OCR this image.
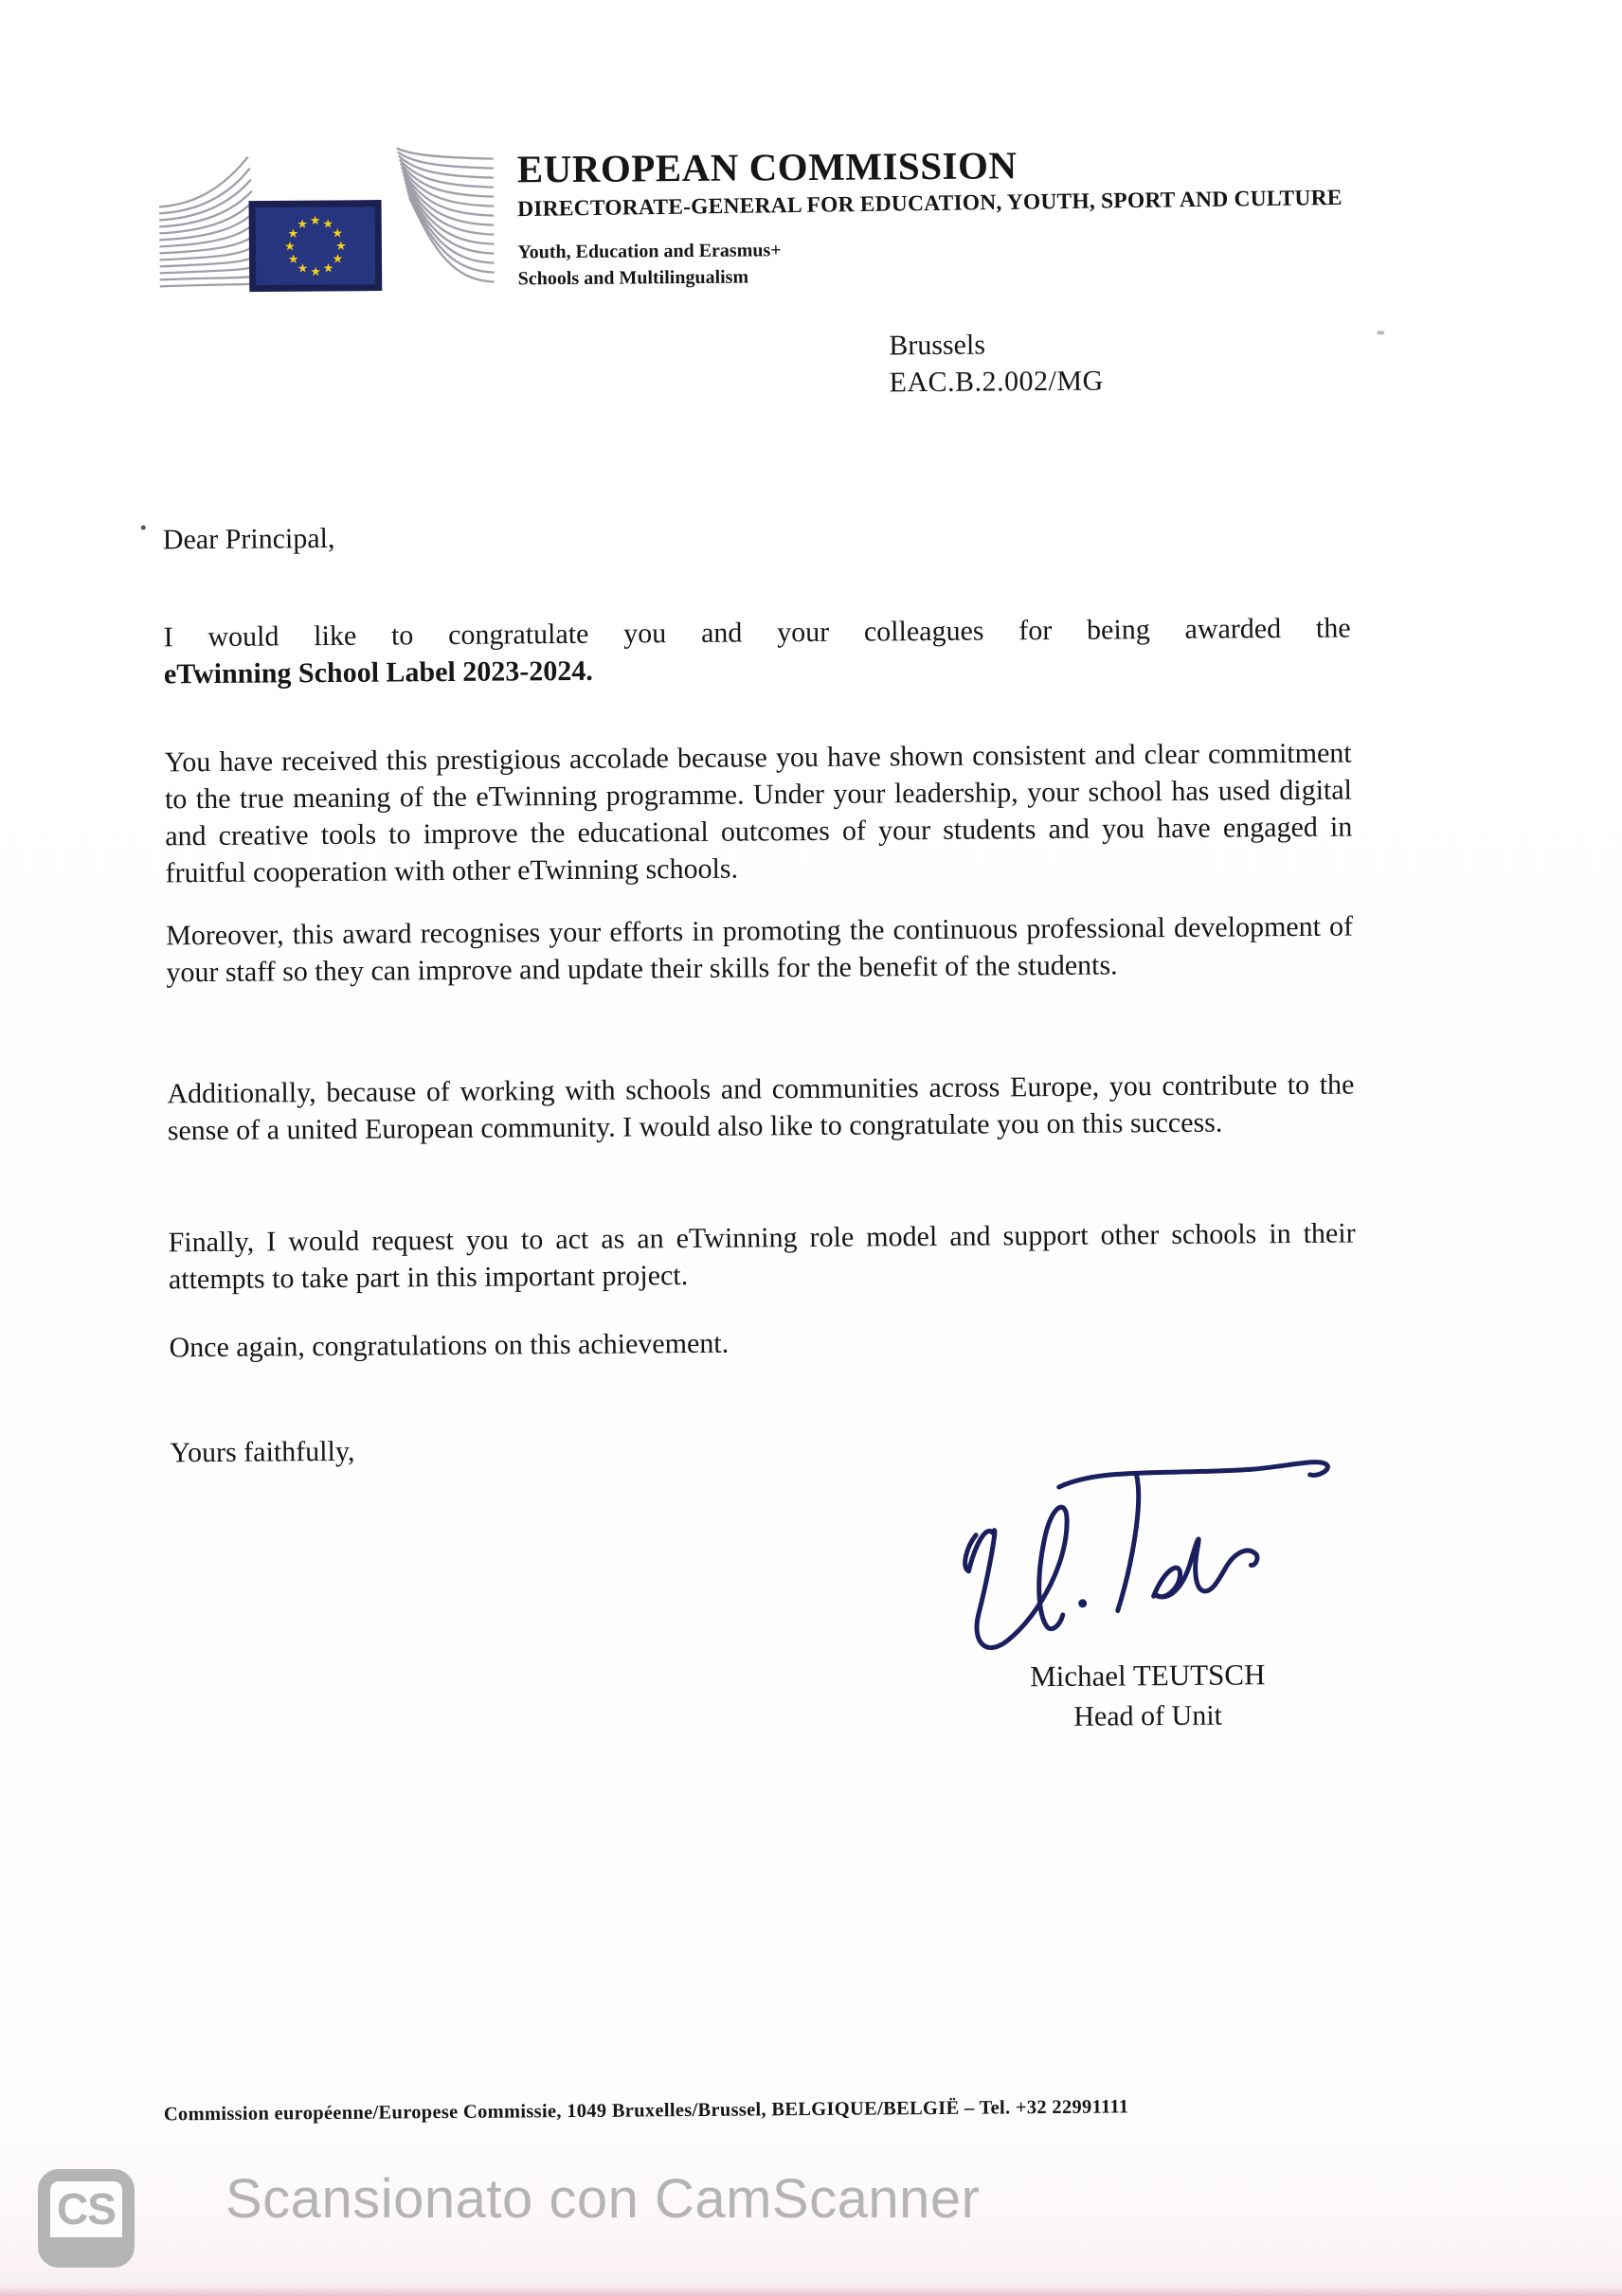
★ ★
★
★
★
★
★
★
★
★
★
★
EUROPEAN COMMISSION
DIRECTORATE-GENERAL FOR EDUCATION, YOUTH, SPORT AND CULTURE
Youth, Education and Erasmus+
Schools and Multilingualism
Brussels
EAC.B.2.002/MG
Dear Principal,
I would like to congratulate you and your colleagues for being awarded the eTwinning School Label 2023-2024.
You have received this prestigious accolade because you have shown consistent and clear commitment to the true meaning of the eTwinning programme. Under your leadership, your school has used digital and creative tools to improve the educational outcomes of your students and you have engaged in fruitful cooperation with other eTwinning schools.
Moreover, this award recognises your efforts in promoting the continuous professional development of your staff so they can improve and update their skills for the benefit of the students.
Additionally, because of working with schools and communities across Europe, you contribute to the sense of a united European community. I would also like to congratulate you on this success.
Finally, I would request you to act as an eTwinning role model and support other schools in their attempts to take part in this important project.
Once again, congratulations on this achievement.
Yours faithfully,
Michael TEUTSCH
Head of Unit
Commission européenne/Europese Commissie, 1049 Bruxelles/Brussel, BELGIQUE/BELGIË – Tel. +32 22991111
CS Scansionato con CamScanner
